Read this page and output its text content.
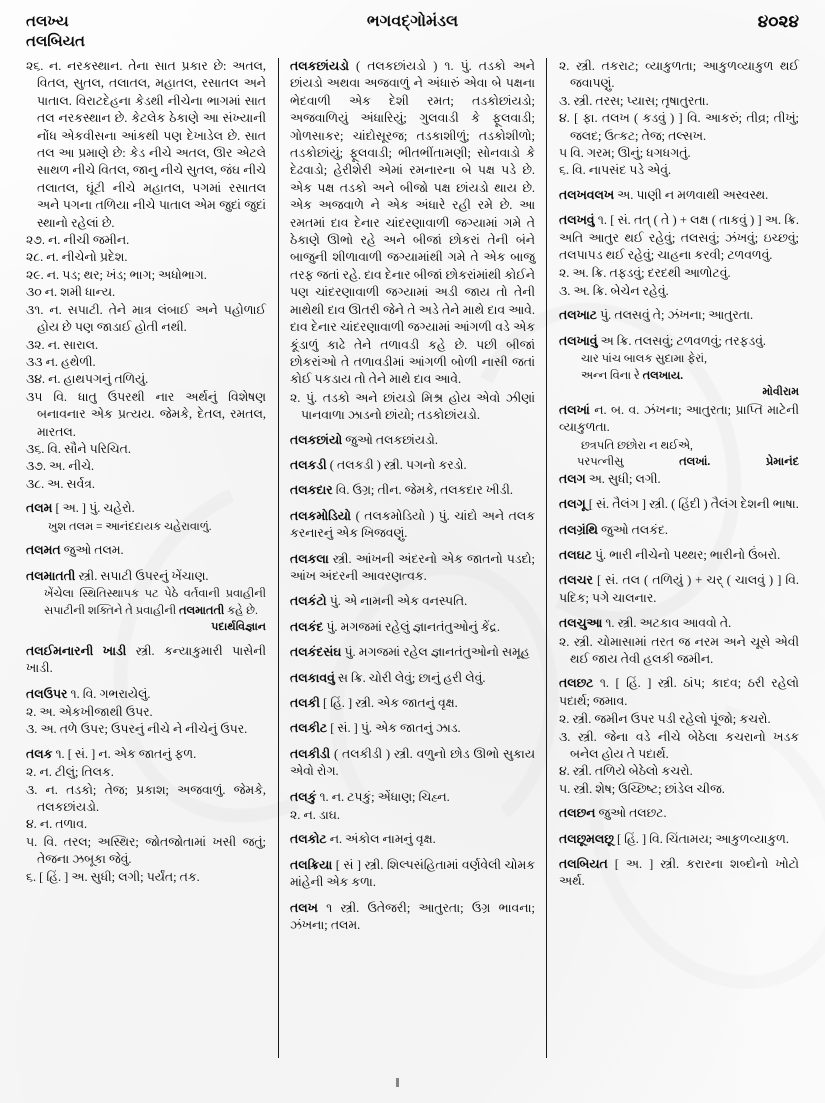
તલખ્ય
તલબિયત
ભગવદ્‌ગોમંડલ	૪૦૨૪
૨૬. ન. નરકસ્થાન. તેના સાત પ્રકાર છે: અતલ, વિતલ, સુતલ, તલાતલ, મહાતલ, રસાતલ અને પાતાલ. વિરાટદેહના કેડથી નીચેના ભાગમાં સાત તલ નરકસ્થાન છે. કેટલેક ઠેકાણે આ સંખ્યાની નોંધ એકવીસના આંકથી પણ દેખાડેલ છે. સાત તલ આ પ્રમાણે છે: કેડ નીચે અતલ, ઊર એટલે સાથળ નીચે વિતલ, જાનુ નીચે સુતલ, જંઘ નીચે તલાતલ, ઘૂંટી નીચે મહાતલ, પગમાં રસાતલ અને પગના તળિયા નીચે પાતાલ એમ જુદાં જુદાં સ્થાનો રહેલાં છે.
૨૭. ન. નીચી જમીન.
૨૮. ન. નીચેનો પ્રદેશ.
૨૯. ન. પડ; થર; ખંડ; ભાગ; અધોભાગ.
૩૦ ન. શમી ધાન્ય.
૩૧. ન. સપાટી. તેને માત્ર લંબાઈ અને પહોળાઈ હોય છે પણ જાડાઈ હોતી નથી.
૩૨. ન. સારાલ.
૩૩ ન. હથેળી.
૩૪. ન. હાથપગનું તળિયું.
૩૫ વિ. ધાતુ ઉપરથી નાર અર્થનું વિશેષણ બનાવનાર એક પ્રત્યય. જેમકે, દેતલ, રમતલ, મારતલ.
૩૬. વિ. સૌને પરિચિત.
૩૭. અ. નીચે.
૩૮. અ. સર્વત્ર.

તલમ [ અ. ] પું. ચહેરો.

ખુશ તલમ = આનંદદાયક ચહેરાવાળું.

તલમત જુઓ તલમ.

તલમાતતી સ્ત્રી. સપાટી ઉપરનું ખેંચાણ.

ખેંચેલા સ્થિતિસ્થાપક પટ પેઠે વર્તવાની પ્રવાહીની સપાટીની શક્તિને તે પ્રવાહીની તલમાતતી કહે છે.
પદાર્થવિજ્ઞાન

તલઈમનારની ખાડી સ્ત્રી. કન્યાકુમારી પાસેની ખાડી.

તલઉપર ૧. વિ. ગભરાયેલું.

૨. અ. એકખીજાથી ઉપર.
૩. અ. તળે ઉપર; ઉપરનું નીચે ને નીચેનું ઉપર.

તલક ૧. [ સં. ] ન. એક જાતનું ફળ.

૨. ન. ટીલું; તિલક.
૩. ન. તડકો; તેજ; પ્રકાશ; અજવાળું. જેમકે, તલકછાંયડો.
૪. ન. તળાવ.
૫. વિ. તરલ; અસ્થિર; જોતજોતામાં ખસી જતું; તેજના ઝબૂકા જેવું.
૬. [ હિં. ] અ. સુધી; લગી; પર્યંત; તક.

તલકછાંયડો ( તલકછાંયડો ) ૧. પું. તડકો અને છાંયડો અથવા અજવાળું ને અંધારું એવા બે પક્ષના ભેદવાળી એક દેશી રમત; તડકોછાંયડો; અજવાળિયું અંધારિયું; ગુલવાડી કે ફૂલવાડી; ગોળસાકર; ચાંદોસૂરજ; તડકાશીળું; તડકોશીળો; તડકોછાંયું; ફૂલવાડી; ભીતભીંતામણી; સોનવાડો કે દેઢવાડો; હેરીશેરી એમાં રમનારના બે પક્ષ પડે છે. એક પક્ષ તડકો અને બીજો પક્ષ છાંયડો થાય છે. એક અજવાળે ને એક અંધારે રહી રમે છે. આ રમતમાં દાવ દેનાર ચાંદરણાવાળી જગ્યામાં ગમે તે ઠેકાણે ઊભો રહે અને બીજાં છોકરાં તેની બંને બાજુની શીળાવાળી જગ્યામાંથી ગમે તે એક બાજુ તરફ જતાં રહે. દાવ દેનાર બીજાં છોકરાંમાંથી કોઈને પણ ચાંદરણાવાળી જગ્યામાં અડી જાય તો તેની માથેથી દાવ ઊતરી જેને તે અડે તેને માથે દાવ આવે. દાવ દેનાર ચાંદરણાવાળી જગ્યામાં આંગળી વડે એક કૂંડાળું કાઢે તેને તળાવડી કહે છે. પછી બીજાં છોકરાંઓ તે તળાવડીમાં આંગળી બોળી નાસી જતાં કોઈ પકડાય તો તેને માથે દાવ આવે.

૨. પું. તડકો અને છાંયડો મિશ્ર હોય એવો ઝીણાં પાનવાળા ઝાડનો છાંયો; તડકોછાંયડો.

તલકછાંયો જુઓ તલકછાંયડો.

તલકડી ( તલકડી ) સ્ત્રી. પગનો કરડો.

તલકદાર વિ. ઉગ્ર; તીન. જેમકે, તલકદાર ખીડી.

તલકમોડિયો ( તલકમોડિયો ) પું. ચાંદો અને તલક કરનારનું એક ખિજવણું.

તલકલા સ્ત્રી. આંખની અંદરનો એક જાતનો પડદો; આંખ અંદરની આવરણત્વક.

તલકંટો પું. એ નામની એક વનસ્પતિ.

તલકંદ પું. મગજમાં રહેલું જ્ઞાનતંતુઓનું કેંદ્ર.

તલકંદસંઘ પું. મગજમાં રહેલ જ્ઞાનતંતુઓનો સમૂહ

તલકાવવું સ ક્રિ. ચોરી લેવું; છાનું હરી લેવું.

તલકી [ હિં. ] સ્ત્રી. એક જાતનું વૃક્ષ.

તલકીટ [ સં. ] પું. એક જાતનું ઝાડ.

તલકીડી ( તલકીડી ) સ્ત્રી. વળુનો છોડ ઊભો સુકાય એવો રોગ.

તલકું ૧. ન. ટપકું; એંધાણ; ચિહ્ન.

૨. ન. ડાઘ.

તલકોટ ન. અંકોલ નામનું વૃક્ષ.

તલક્રિયા [ સં ] સ્ત્રી. શિલ્પસંહિતામાં વર્ણવેલી ચોમક માંહેની એક કળા.

તલખ ૧ સ્ત્રી. ઉતેજરી; આતુરતા; ઉગ્ર ભાવના; ઝંખના; તલમ.

૨. સ્ત્રી. તકરાટ; વ્યાકુળતા; આકુળવ્યાકુળ થઈ જવાપણું.
૩. સ્ત્રી. તરસ; પ્યાસ; તૃષાતુરતા.
૪. [ ફા. તલખ ( કડવું ) ] વિ. આકરું; તીવ્ર; તીખું; જલદ; ઉત્કટ; તેજ; તલ્સખ.
૫ વિ. ગરમ; ઊનું; ધગધગતું.
૬. વિ. નાપસંદ પડે એવું.

તલખવલખ અ. પાણી ન મળવાથી અસ્વસ્થ.

તલખવું ૧. [ સં. તત્ ( તે ) + લક્ષ ( તાકવું ) ] અ. ક્રિ. અતિ આતુર થઈ રહેવું; તલસવું; ઝંખવું; ઇચ્છવું; તલપાપડ થઈ રહેવું; ચાહના કરવી; ટળવળવું.

૨. અ. ક્રિ. તફડવું; દરદથી આળોટવું.
૩. અ. ક્રિ. બેચેન રહેવું.

તલખાટ પું. તલસવું તે; ઝંખના; આતુરતા.

તલખાવું અ ક્રિ. તલસવું; ટળવળવું; તરફડવું.

ચાર પાંચ બાલક સુદામા ફેરાં,
અન્ન વિના રે તલખાય.
મોવીરામ

તલખાં ન. બ. વ. ઝંખના; આતુરતા; પ્રાપ્તિ માટેની વ્યાકુળતા.

છત્રપતિ છછોરા ન થઈએ,
પરપત્નીસુ	તલખાં.	પ્રેમાનંદ

તલગ અ. સુધી; લગી.

તલગૂ [ સં. તૈલંગ ] સ્ત્રી. ( હિંદી ) તૈલંગ દેશની ભાષા.

તલગ્રંથિ જુઓ તલકંદ.

તલઘટ પું. ભારી નીચેનો પથ્થર; ભારીનો ઉંબરો.

તલચર [ સં. તલ ( તળિયું ) + ચર્ ( ચાલવું ) ] વિ. પદિક; પગે ચાલનાર.

તલચુઆ ૧. સ્ત્રી. અટકાવ આવવો તે.

૨. સ્ત્રી. ચોમાસામાં તરત જ નરમ અને ચૂસે એવી થઈ જાય તેવી હલકી જમીન.

તલછટ ૧. [ હિં. ] સ્ત્રી. ઠાંપ; કાદવ; ઠરી રહેલો પદાર્થ; જમાવ.

૨. સ્ત્રી. જમીન ઉપર પડી રહેલો પૂંજો; કચરો.
૩. સ્ત્રી. જેના વડે નીચે બેઠેલા કચરાનો ખડક બનેલ હોય તે પદાર્થ.
૪. સ્ત્રી. તળિયે બેઠેલો કચરો.
૫. સ્ત્રી. શેષ; ઉચ્છિષ્ટ; છાંડેલ ચીજ.

તલછન જુઓ તલછટ.

તલછૂમલછૂ [ હિં. ] વિ. ચિંતામય; આકુળવ્યાકુળ.

તલબિયત [ અ. ] સ્ત્રી. કરારના શબ્દોનો ખોટો અર્થ.
